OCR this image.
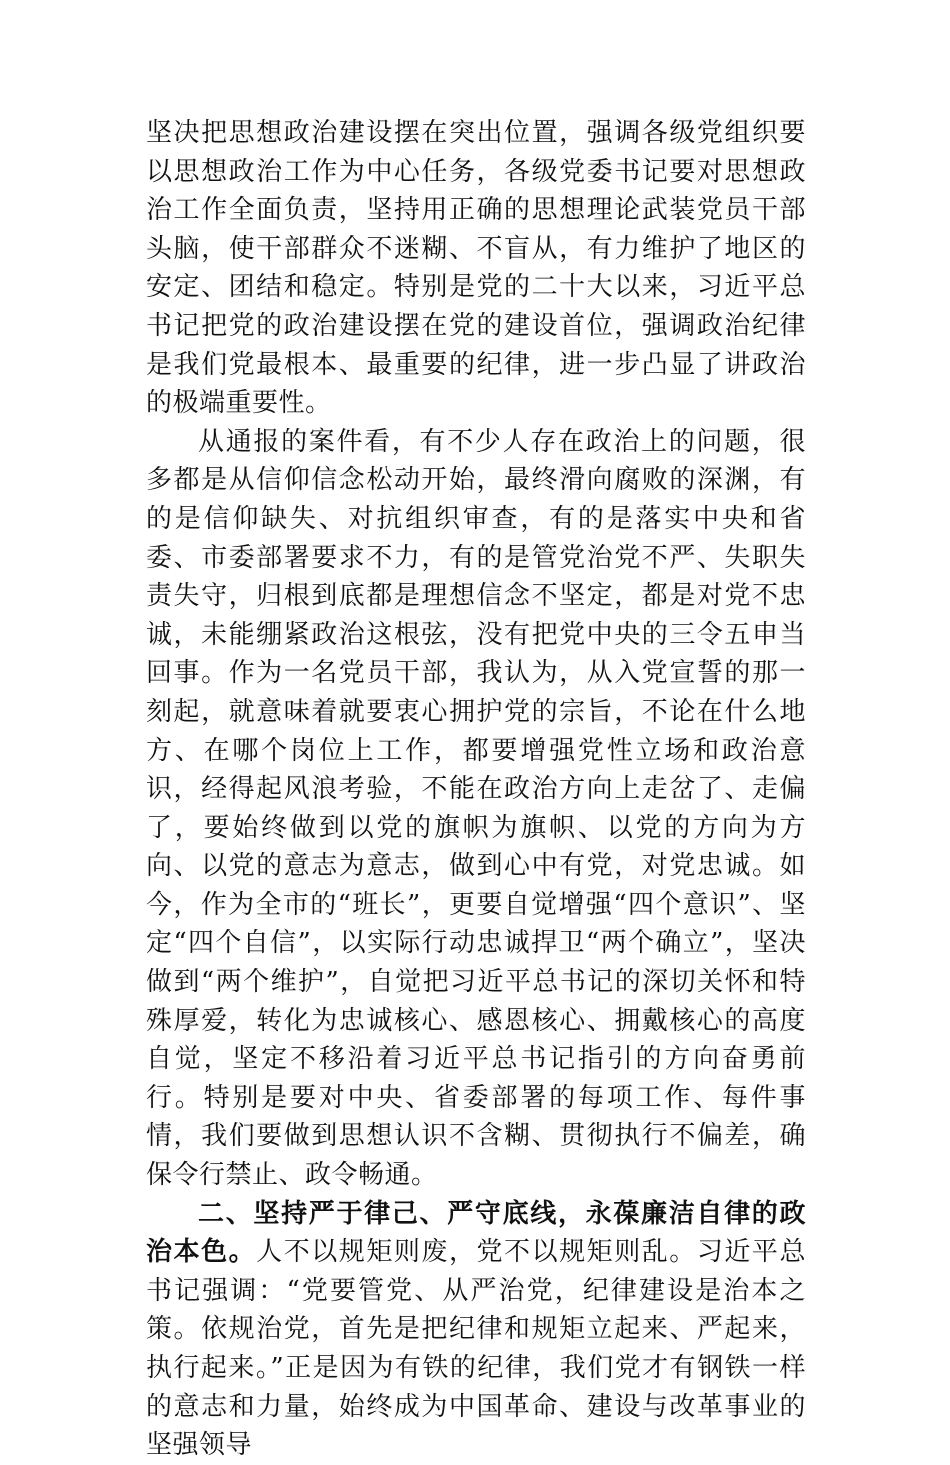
坚决把思想政治建设摆在突出位置，强调各级党组织要以思想政治工作为中心任务，各级党委书记要对思想政治工作全面负责，坚持用正确的思想理论武装党员干部头脑，使干部群众不迷糊、不盲从，有力维护了地区的安定、团结和稳定。特别是党的二十大以来，习近平总书记把党的政治建设摆在党的建设首位，强调政治纪律是我们党最根本、最重要的纪律，进一步凸显了讲政治的极端重要性。

从通报的案件看，有不少人存在政治上的问题，很多都是从信仰信念松动开始，最终滑向腐败的深渊，有的是信仰缺失、对抗组织审查，有的是落实中央和省委、市委部署要求不力，有的是管党治党不严、失职失责失守，归根到底都是理想信念不坚定，都是对党不忠诚，未能绷紧政治这根弦，没有把党中央的三令五申当回事。作为一名党员干部，我认为，从入党宣誓的那一刻起，就意味着就要衷心拥护党的宗旨，不论在什么地方、在哪个岗位上工作，都要增强党性立场和政治意识，经得起风浪考验，不能在政治方向上走岔了、走偏了，要始终做到以党的旗帜为旗帜、以党的方向为方向、以党的意志为意志，做到心中有党，对党忠诚。如今，作为全市的“班长”，更要自觉增强“四个意识”、坚定“四个自信”，以实际行动忠诚捍卫“两个确立”，坚决做到“两个维护”，自觉把习近平总书记的深切关怀和特殊厚爱，转化为忠诚核心、感恩核心、拥戴核心的高度自觉，坚定不移沿着习近平总书记指引的方向奋勇前行。特别是要对中央、省委部署的每项工作、每件事情，我们要做到思想认识不含糊、贯彻执行不偏差，确保令行禁止、政令畅通。

二、坚持严于律己、严守底线，永葆廉洁自律的政治本色。人不以规矩则废，党不以规矩则乱。习近平总书记强调：“党要管党、从严治党，纪律建设是治本之策。依规治党，首先是把纪律和规矩立起来、严起来，执行起来。”正是因为有铁的纪律，我们党才有钢铁一样的意志和力量，始终成为中国革命、建设与改革事业的坚强领导
